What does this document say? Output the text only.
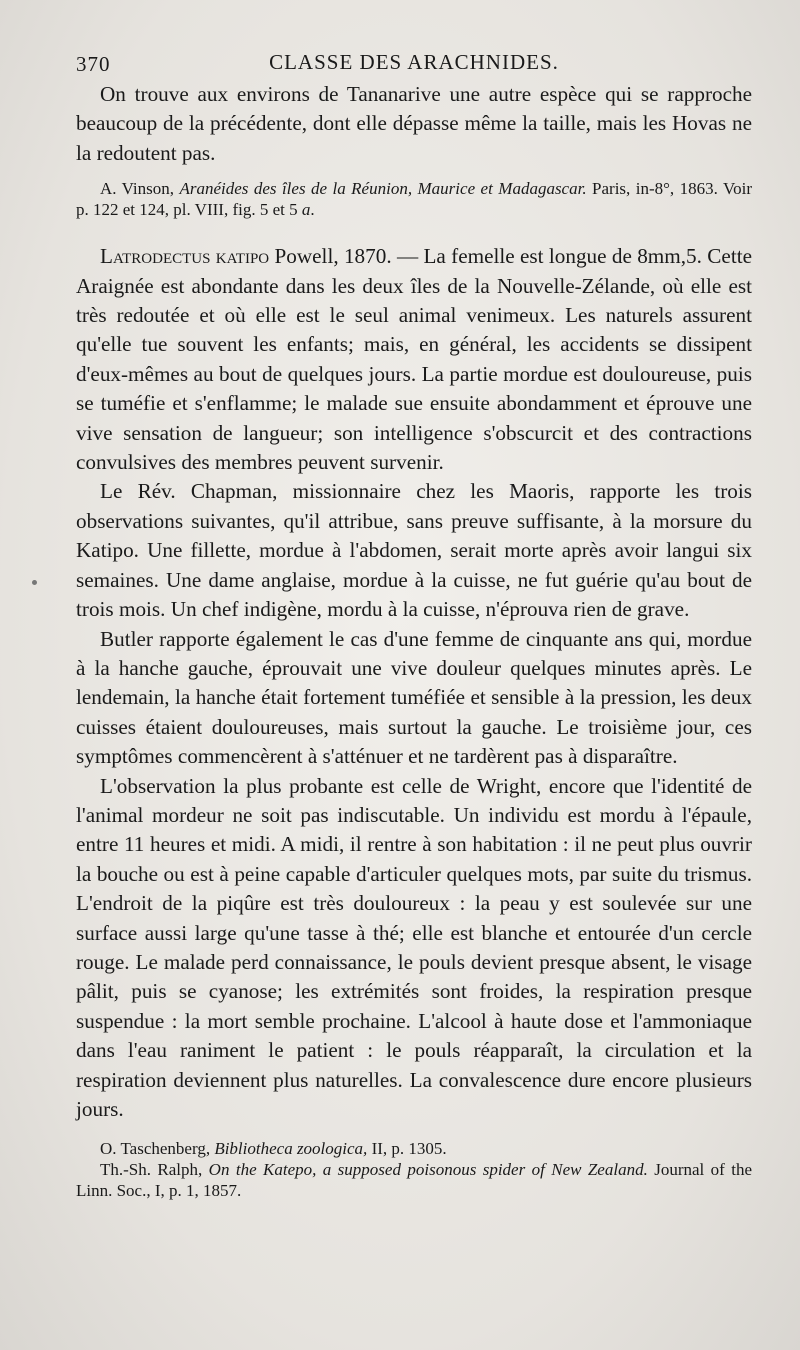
370	CLASSE DES ARACHNIDES.

On trouve aux environs de Tananarive une autre espèce qui se rapproche beaucoup de la précédente, dont elle dépasse même la taille, mais les Hovas ne la redoutent pas.

A. Vinson, Aranéides des îles de la Réunion, Maurice et Madagascar. Paris, in-8°, 1863. Voir p. 122 et 124, pl. VIII, fig. 5 et 5 a.

Latrodectus katipo Powell, 1870. — La femelle est longue de 8mm,5. Cette Araignée est abondante dans les deux îles de la Nouvelle-Zélande, où elle est très redoutée et où elle est le seul animal venimeux. Les naturels assurent qu'elle tue souvent les enfants; mais, en général, les accidents se dissipent d'eux-mêmes au bout de quelques jours. La partie mordue est douloureuse, puis se tuméfie et s'enflamme; le malade sue ensuite abondamment et éprouve une vive sensation de langueur; son intelligence s'obscurcit et des contractions convulsives des membres peuvent survenir.

Le Rév. Chapman, missionnaire chez les Maoris, rapporte les trois observations suivantes, qu'il attribue, sans preuve suffisante, à la morsure du Katipo. Une fillette, mordue à l'abdomen, serait morte après avoir langui six semaines. Une dame anglaise, mordue à la cuisse, ne fut guérie qu'au bout de trois mois. Un chef indigène, mordu à la cuisse, n'éprouva rien de grave.

Butler rapporte également le cas d'une femme de cinquante ans qui, mordue à la hanche gauche, éprouvait une vive douleur quelques minutes après. Le lendemain, la hanche était fortement tuméfiée et sensible à la pression, les deux cuisses étaient douloureuses, mais surtout la gauche. Le troisième jour, ces symptômes commencèrent à s'atténuer et ne tardèrent pas à disparaître.

L'observation la plus probante est celle de Wright, encore que l'identité de l'animal mordeur ne soit pas indiscutable. Un individu est mordu à l'épaule, entre 11 heures et midi. A midi, il rentre à son habitation : il ne peut plus ouvrir la bouche ou est à peine capable d'articuler quelques mots, par suite du trismus. L'endroit de la piqûre est très douloureux : la peau y est soulevée sur une surface aussi large qu'une tasse à thé; elle est blanche et entourée d'un cercle rouge. Le malade perd connaissance, le pouls devient presque absent, le visage pâlit, puis se cyanose; les extrémités sont froides, la respiration presque suspendue : la mort semble prochaine. L'alcool à haute dose et l'ammoniaque dans l'eau raniment le patient : le pouls réapparaît, la circulation et la respiration deviennent plus naturelles. La convalescence dure encore plusieurs jours.

O. Taschenberg, Bibliotheca zoologica, II, p. 1305.

Th.-Sh. Ralph, On the Katepo, a supposed poisonous spider of New Zealand. Journal of the Linn. Soc., I, p. 1, 1857.
